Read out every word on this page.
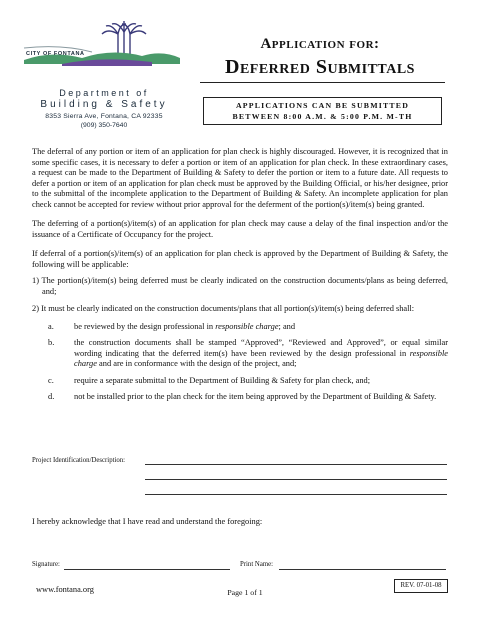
CITY OF FONTANA
Department of
Building & Safety
8353 Sierra Ave, Fontana, CA 92335
(909) 350-7640
Application for:
Deferred Submittals
APPLICATIONS CAN BE SUBMITTED
BETWEEN 8:00 A.M. & 5:00 P.M. M-TH

The deferral of any portion or item of an application for plan check is highly discouraged. However, it is recognized that in some specific cases, it is necessary to defer a portion or item of an application for plan check. In these extraordinary cases, a request can be made to the Department of Building & Safety to defer the portion or item to a future date. All requests to defer a portion or item of an application for plan check must be approved by the Building Official, or his/her designee, prior to the submittal of the incomplete application to the Department of Building & Safety. An incomplete application for plan check cannot be accepted for review without prior approval for the deferment of the portion(s)/item(s) being granted.

The deferring of a portion(s)/item(s) of an application for plan check may cause a delay of the final inspection and/or the issuance of a Certificate of Occupancy for the project.

If deferral of a portion(s)/item(s) of an application for plan check is approved by the Department of Building & Safety, the following will be applicable:

1) The portion(s)/item(s) being deferred must be clearly indicated on the construction documents/plans as being deferred, and;
2) It must be clearly indicated on the construction documents/plans that all portion(s)/item(s) being deferred shall:
a. be reviewed by the design professional in responsible charge; and
b. the construction documents shall be stamped “Approved”, “Reviewed and Approved”, or equal similar wording indicating that the deferred item(s) have been reviewed by the design professional in responsible charge and are in conformance with the design of the project, and;
c. require a separate submittal to the Department of Building & Safety for plan check, and;
d. not be installed prior to the plan check for the item being approved by the Department of Building & Safety.
Project Identification/Description:
I hereby acknowledge that I have read and understand the foregoing:
Signature:	Print Name:
www.fontana.org	Page 1 of 1
REV. 07-01-08
